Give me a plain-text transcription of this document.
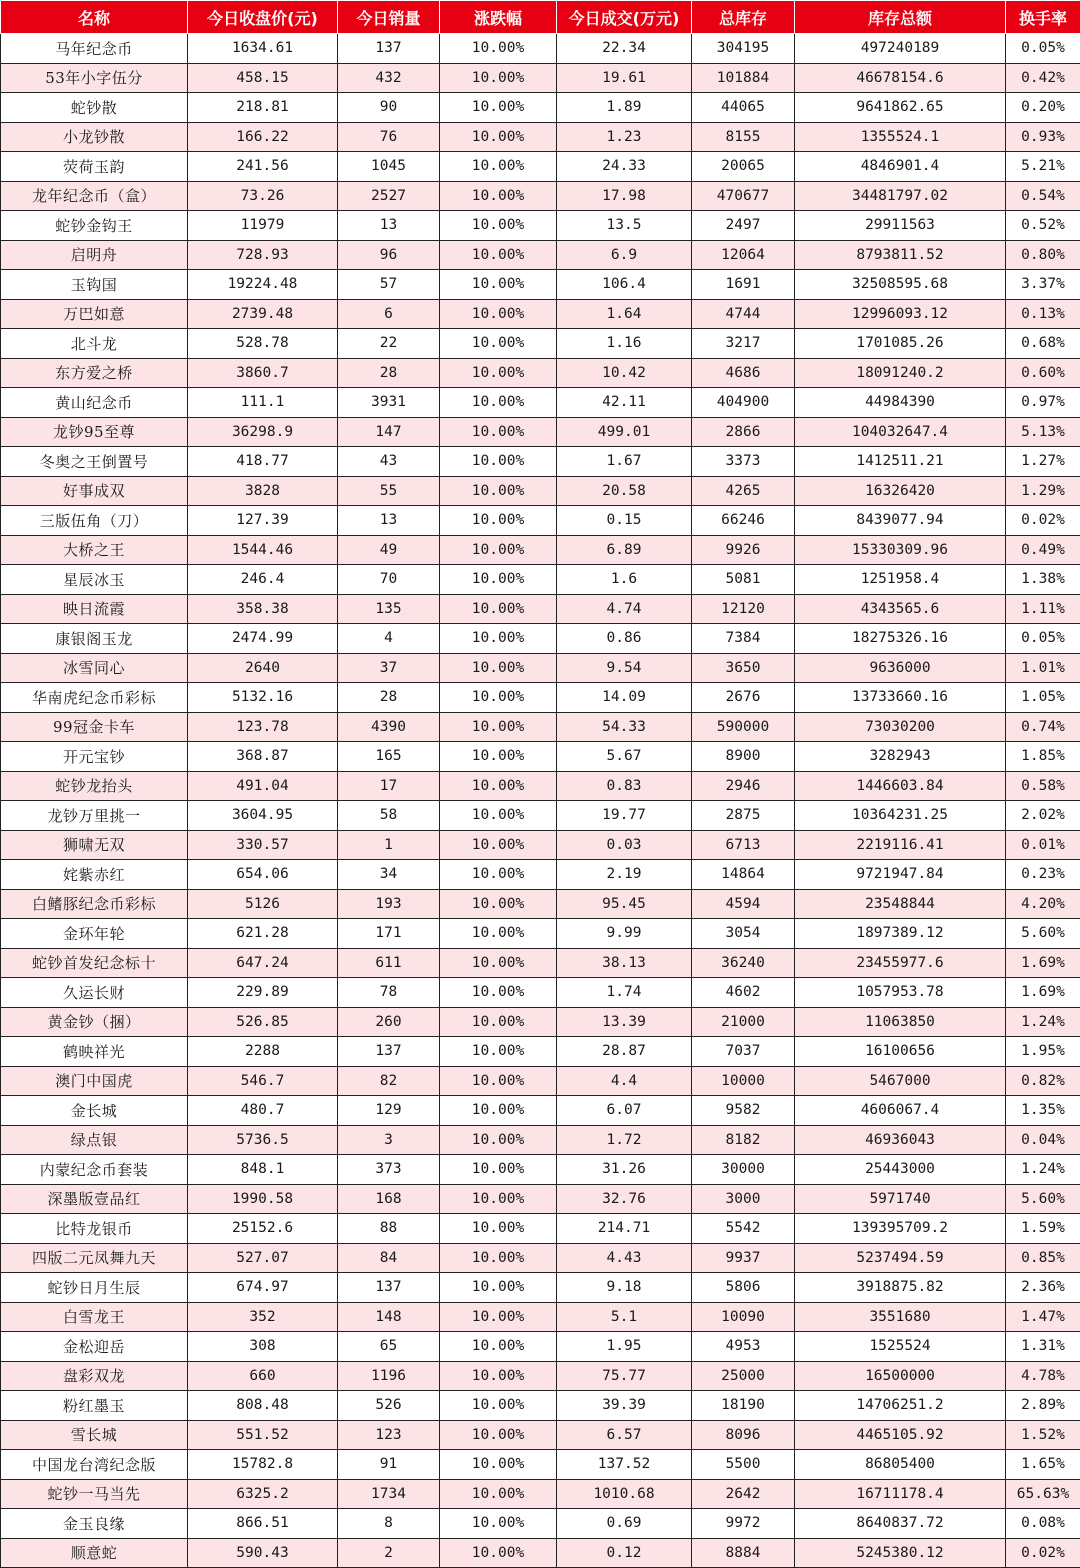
名称	今日收盘价(元)	今日销量	涨跌幅	今日成交(万元)	总库存	库存总额	换手率
马年纪念币	1634.61	137	10.00%	22.34	304195	497240189	0.05%
53年小字伍分	458.15	432	10.00%	19.61	101884	46678154.6	0.42%
蛇钞散	218.81	90	10.00%	1.89	44065	9641862.65	0.20%
小龙钞散	166.22	76	10.00%	1.23	8155	1355524.1	0.93%
荧荷玉韵	241.56	1045	10.00%	24.33	20065	4846901.4	5.21%
龙年纪念币（盒）	73.26	2527	10.00%	17.98	470677	34481797.02	0.54%
蛇钞金钩王	11979	13	10.00%	13.5	2497	29911563	0.52%
启明舟	728.93	96	10.00%	6.9	12064	8793811.52	0.80%
玉钩国	19224.48	57	10.00%	106.4	1691	32508595.68	3.37%
万巴如意	2739.48	6	10.00%	1.64	4744	12996093.12	0.13%
北斗龙	528.78	22	10.00%	1.16	3217	1701085.26	0.68%
东方爱之桥	3860.7	28	10.00%	10.42	4686	18091240.2	0.60%
黄山纪念币	111.1	3931	10.00%	42.11	404900	44984390	0.97%
龙钞95至尊	36298.9	147	10.00%	499.01	2866	104032647.4	5.13%
冬奥之王倒置号	418.77	43	10.00%	1.67	3373	1412511.21	1.27%
好事成双	3828	55	10.00%	20.58	4265	16326420	1.29%
三版伍角（刀）	127.39	13	10.00%	0.15	66246	8439077.94	0.02%
大桥之王	1544.46	49	10.00%	6.89	9926	15330309.96	0.49%
星辰冰玉	246.4	70	10.00%	1.6	5081	1251958.4	1.38%
映日流霞	358.38	135	10.00%	4.74	12120	4343565.6	1.11%
康银阁玉龙	2474.99	4	10.00%	0.86	7384	18275326.16	0.05%
冰雪同心	2640	37	10.00%	9.54	3650	9636000	1.01%
华南虎纪念币彩标	5132.16	28	10.00%	14.09	2676	13733660.16	1.05%
99冠金卡车	123.78	4390	10.00%	54.33	590000	73030200	0.74%
开元宝钞	368.87	165	10.00%	5.67	8900	3282943	1.85%
蛇钞龙抬头	491.04	17	10.00%	0.83	2946	1446603.84	0.58%
龙钞万里挑一	3604.95	58	10.00%	19.77	2875	10364231.25	2.02%
狮啸无双	330.57	1	10.00%	0.03	6713	2219116.41	0.01%
姹紫赤红	654.06	34	10.00%	2.19	14864	9721947.84	0.23%
白鳍豚纪念币彩标	5126	193	10.00%	95.45	4594	23548844	4.20%
金环年轮	621.28	171	10.00%	9.99	3054	1897389.12	5.60%
蛇钞首发纪念标十	647.24	611	10.00%	38.13	36240	23455977.6	1.69%
久运长财	229.89	78	10.00%	1.74	4602	1057953.78	1.69%
黄金钞（捆）	526.85	260	10.00%	13.39	21000	11063850	1.24%
鹤映祥光	2288	137	10.00%	28.87	7037	16100656	1.95%
澳门中国虎	546.7	82	10.00%	4.4	10000	5467000	0.82%
金长城	480.7	129	10.00%	6.07	9582	4606067.4	1.35%
绿点银	5736.5	3	10.00%	1.72	8182	46936043	0.04%
内蒙纪念币套装	848.1	373	10.00%	31.26	30000	25443000	1.24%
深墨版壹品红	1990.58	168	10.00%	32.76	3000	5971740	5.60%
比特龙银币	25152.6	88	10.00%	214.71	5542	139395709.2	1.59%
四版二元凤舞九天	527.07	84	10.00%	4.43	9937	5237494.59	0.85%
蛇钞日月生辰	674.97	137	10.00%	9.18	5806	3918875.82	2.36%
白雪龙王	352	148	10.00%	5.1	10090	3551680	1.47%
金松迎岳	308	65	10.00%	1.95	4953	1525524	1.31%
盘彩双龙	660	1196	10.00%	75.77	25000	16500000	4.78%
粉红墨玉	808.48	526	10.00%	39.39	18190	14706251.2	2.89%
雪长城	551.52	123	10.00%	6.57	8096	4465105.92	1.52%
中国龙台湾纪念版	15782.8	91	10.00%	137.52	5500	86805400	1.65%
蛇钞一马当先	6325.2	1734	10.00%	1010.68	2642	16711178.4	65.63%
金玉良缘	866.51	8	10.00%	0.69	9972	8640837.72	0.08%
顺意蛇	590.43	2	10.00%	0.12	8884	5245380.12	0.02%
